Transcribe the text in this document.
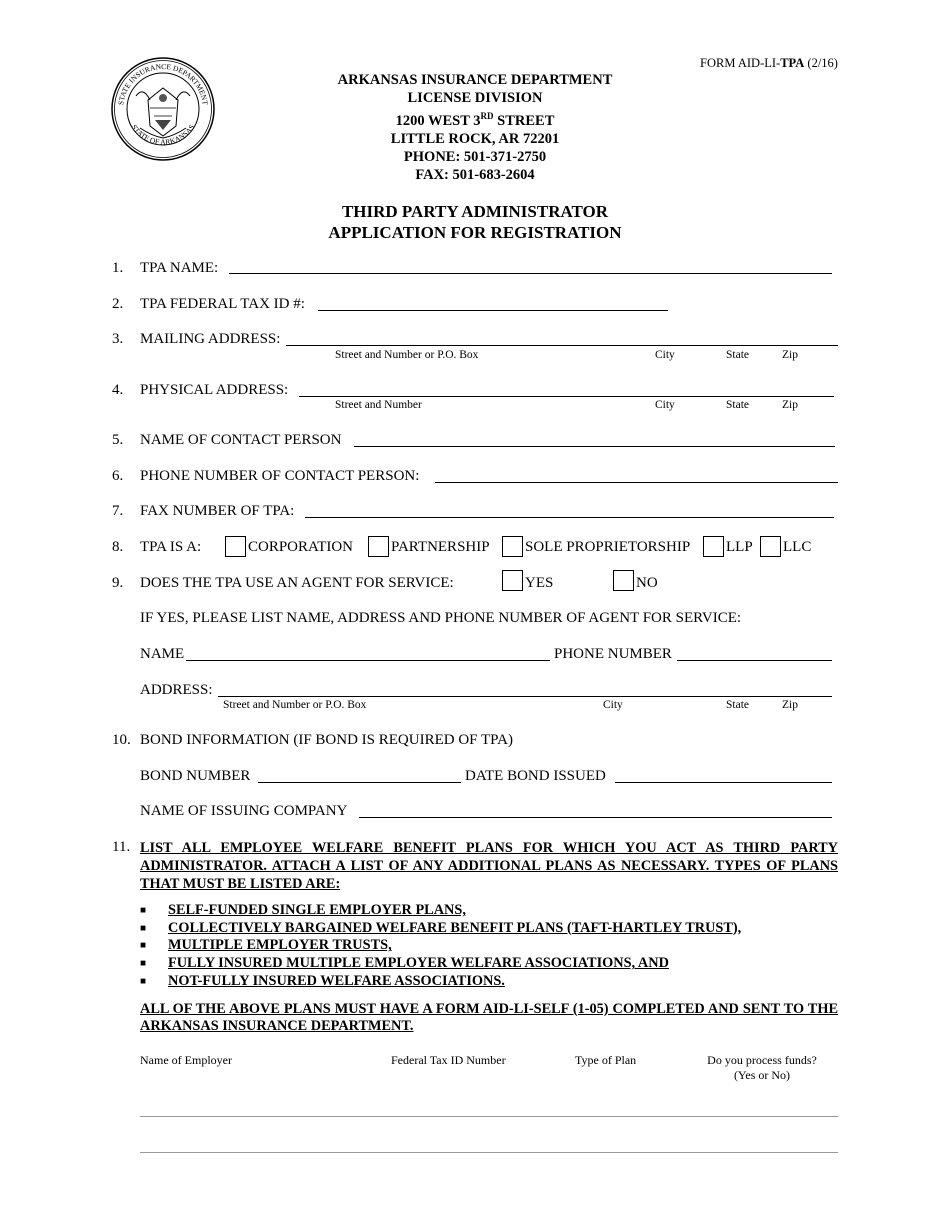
FORM AID-LI-TPA (2/16)
STATE INSURANCE DEPARTMENT
STATE OF ARKANSAS
ARKANSAS INSURANCE DEPARTMENT
LICENSE DIVISION
1200 WEST 3RD STREET
LITTLE ROCK, AR 72201
PHONE: 501-371-2750
FAX: 501-683-2604
THIRD PARTY ADMINISTRATOR
APPLICATION FOR REGISTRATION
1. TPA NAME:
2. TPA FEDERAL TAX ID #:
3. MAILING ADDRESS:
Street and Number or P.O. Box	City	State	Zip
4. PHYSICAL ADDRESS:
Street and Number	City	State	Zip
5. NAME OF CONTACT PERSON
6. PHONE NUMBER OF CONTACT PERSON:
7. FAX NUMBER OF TPA:
8. TPA IS A:	CORPORATION	PARTNERSHIP SOLE PROPRIETORSHIP LLP LLC
9. DOES THE TPA USE AN AGENT FOR SERVICE:	YES	NO
IF YES, PLEASE LIST NAME, ADDRESS AND PHONE NUMBER OF AGENT FOR SERVICE:
NAME	PHONE NUMBER
ADDRESS:
Street and Number or P.O. Box	City	State	Zip
10. BOND INFORMATION (IF BOND IS REQUIRED OF TPA)
BOND NUMBER	DATE BOND ISSUED
NAME OF ISSUING COMPANY
11. LIST ALL EMPLOYEE WELFARE BENEFIT PLANS FOR WHICH YOU ACT AS THIRD PARTY ADMINISTRATOR. ATTACH A LIST OF ANY ADDITIONAL PLANS AS NECESSARY. TYPES OF PLANS THAT MUST BE LISTED ARE:
■	SELF-FUNDED SINGLE EMPLOYER PLANS,
■	COLLECTIVELY BARGAINED WELFARE BENEFIT PLANS (TAFT-HARTLEY TRUST),
■	MULTIPLE EMPLOYER TRUSTS,
■	FULLY INSURED MULTIPLE EMPLOYER WELFARE ASSOCIATIONS, AND
■	NOT-FULLY INSURED WELFARE ASSOCIATIONS.
ALL OF THE ABOVE PLANS MUST HAVE A FORM AID-LI-SELF (1-05) COMPLETED AND SENT TO THE ARKANSAS INSURANCE DEPARTMENT.
Name of Employer	Federal Tax ID Number	Type of Plan	Do you process funds?
(Yes or No)
